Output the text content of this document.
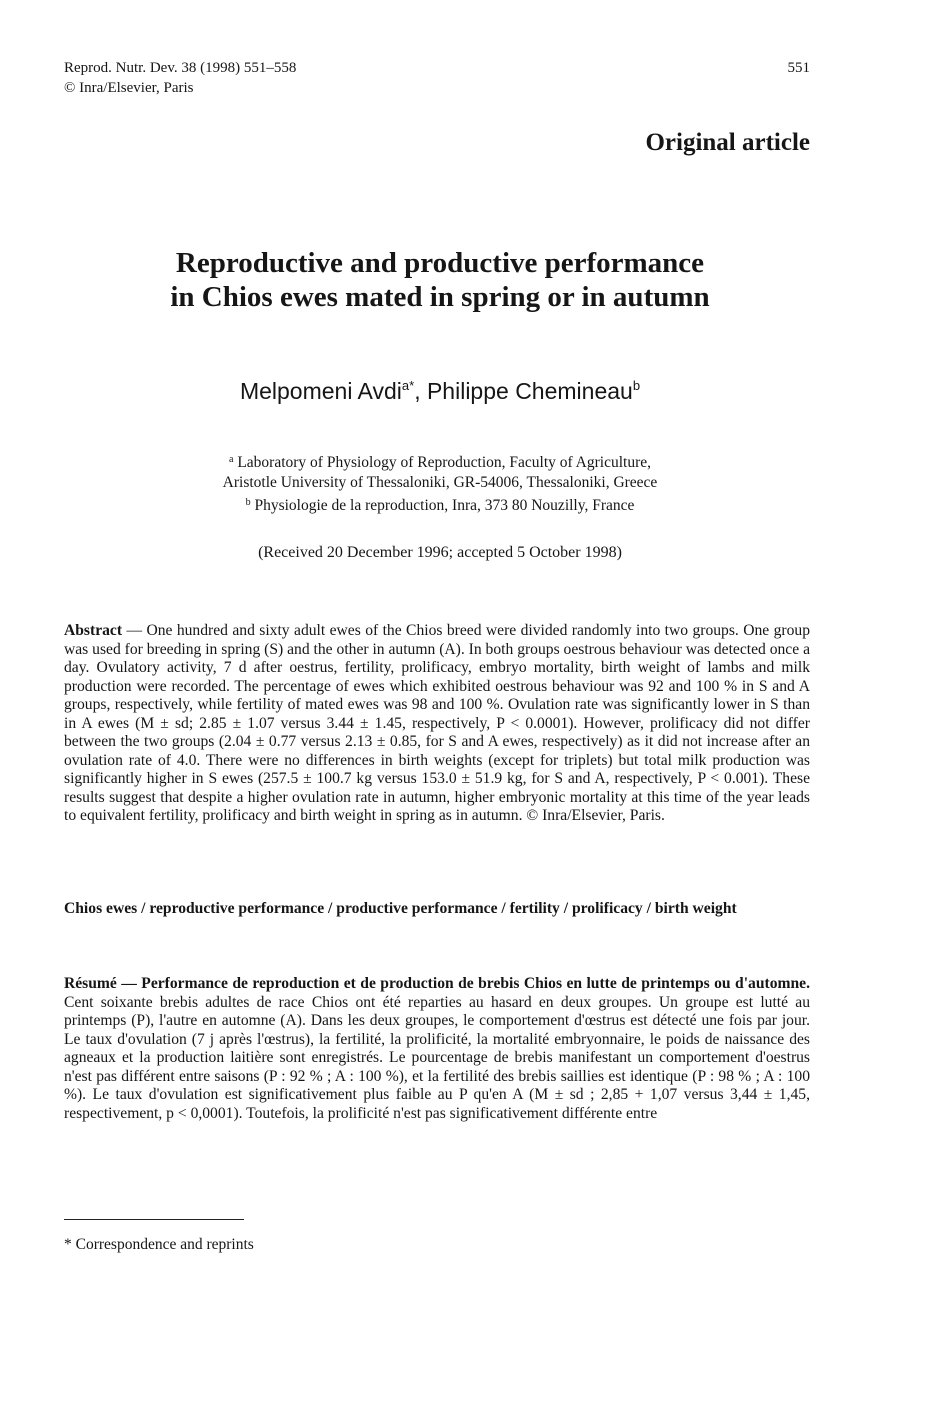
Reprod. Nutr. Dev. 38 (1998) 551–558
© Inra/Elsevier, Paris
551
Original article
Reproductive and productive performance
in Chios ewes mated in spring or in autumn
Melpomeni Avdi$^{a*}$, Philippe Chemineau$^b$
$^a$ Laboratory of Physiology of Reproduction, Faculty of Agriculture,
Aristotle University of Thessaloniki, GR-54006, Thessaloniki, Greece
$^b$ Physiologie de la reproduction, Inra, 373 80 Nouzilly, France
(Received 20 December 1996; accepted 5 October 1998)
Abstract — One hundred and sixty adult ewes of the Chios breed were divided randomly into two groups. One group was used for breeding in spring (S) and the other in autumn (A). In both groups oestrous behaviour was detected once a day. Ovulatory activity, 7 d after oestrus, fertility, prolificacy, embryo mortality, birth weight of lambs and milk production were recorded. The percentage of ewes which exhibited oestrous behaviour was 92 and 100 % in S and A groups, respectively, while fertility of mated ewes was 98 and 100 %. Ovulation rate was significantly lower in S than in A ewes (M ± sd; 2.85 ± 1.07 versus 3.44 ± 1.45, respectively, P < 0.0001). However, prolificacy did not differ between the two groups (2.04 ± 0.77 versus 2.13 ± 0.85, for S and A ewes, respectively) as it did not increase after an ovulation rate of 4.0. There were no differences in birth weights (except for triplets) but total milk production was significantly higher in S ewes (257.5 ± 100.7 kg versus 153.0 ± 51.9 kg, for S and A, respectively, P < 0.001). These results suggest that despite a higher ovulation rate in autumn, higher embryonic mortality at this time of the year leads to equivalent fertility, prolificacy and birth weight in spring as in autumn. © Inra/Elsevier, Paris.
Chios ewes / reproductive performance / productive performance / fertility / prolificacy / birth weight
Résumé — Performance de reproduction et de production de brebis Chios en lutte de printemps ou d'automne. Cent soixante brebis adultes de race Chios ont été reparties au hasard en deux groupes. Un groupe est lutté au printemps (P), l'autre en automne (A). Dans les deux groupes, le comportement d'œstrus est détecté une fois par jour. Le taux d'ovulation (7 j après l'œstrus), la fertilité, la prolificité, la mortalité embryonnaire, le poids de naissance des agneaux et la production laitière sont enregistrés. Le pourcentage de brebis manifestant un comportement d'oestrus n'est pas différent entre saisons (P : 92 % ; A : 100 %), et la fertilité des brebis saillies est identique (P : 98 % ; A : 100 %). Le taux d'ovulation est significativement plus faible au P qu'en A (M ± sd ; 2,85 + 1,07 versus 3,44 ± 1,45, respectivement, p < 0,0001). Toutefois, la prolificité n'est pas significativement différente entre
* Correspondence and reprints
